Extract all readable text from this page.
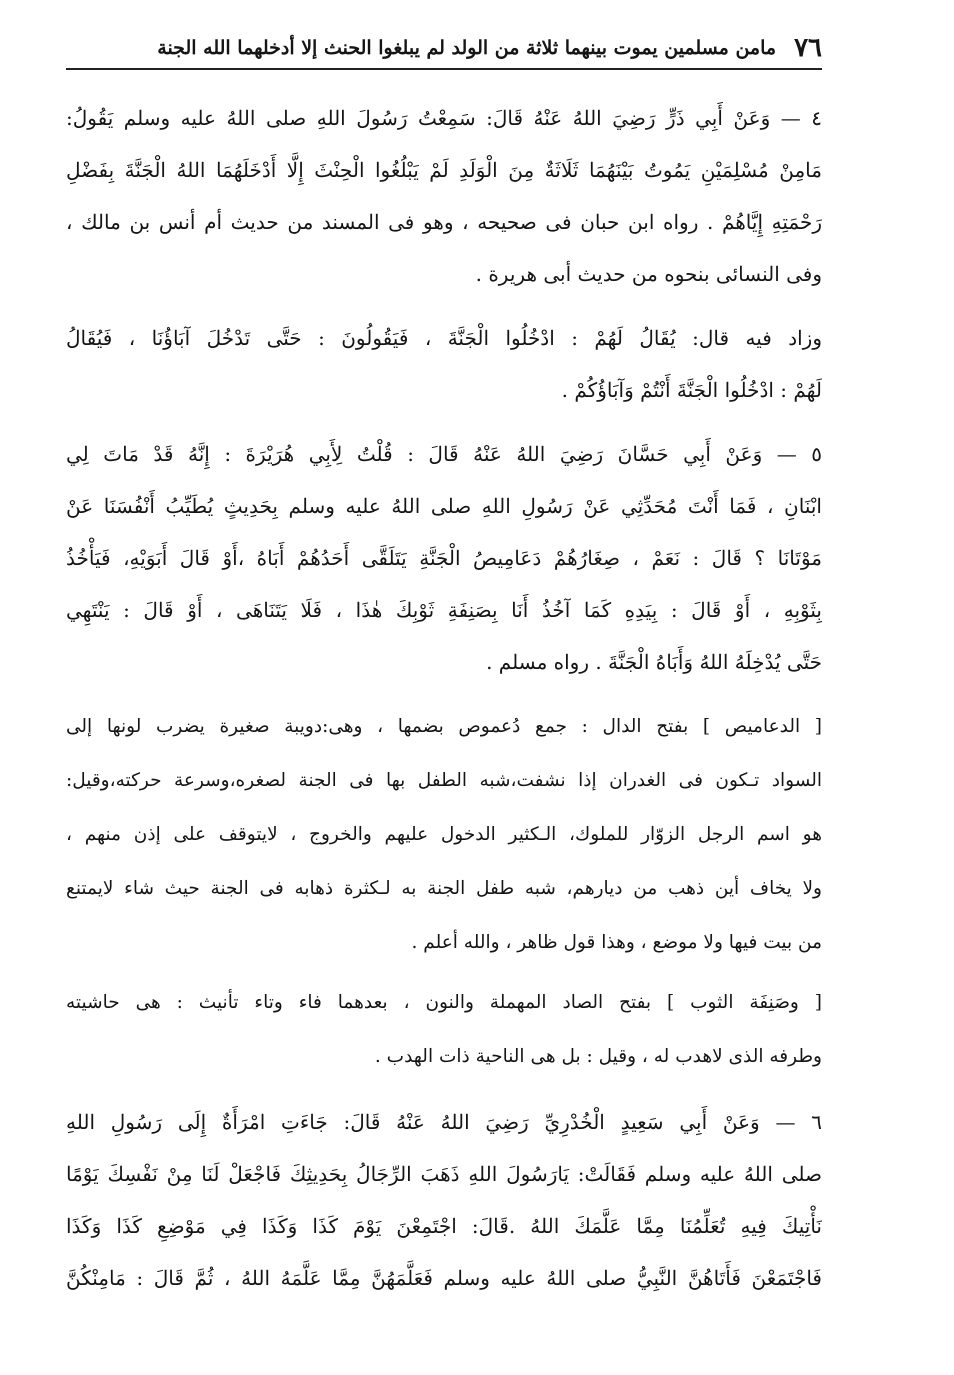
٧٦
مامن مسلمين يموت بينهما ثلاثة من الولد لم يبلغوا الحنث إلا أدخلهما الله الجنة
٤ — وَعَنْ أَبِي ذَرٍّ رَضِيَ اللهُ عَنْهُ قَالَ: سَمِعْتُ رَسُولَ اللهِ صلى اللهُ عليه وسلم يَقُولُ:
مَامِنْ مُسْلِمَيْنِ يَمُوتُ بَيْنَهُمَا ثَلَاثَةٌ مِنَ الْوَلَدِ لَمْ يَبْلُغُوا الْحِنْثَ إِلَّا أَدْخَلَهُمَا اللهُ الْجَنَّةَ بِفَضْلِ
رَحْمَتِهِ إِيَّاهُمْ . رواه ابن حبان فى صحيحه ، وهو فى المسند من حديث أم أنس بن مالك ،
وفى النسائى بنحوه من حديث أبى هريرة .
وزاد فيه قال: يُقَالُ لَهُمْ : ادْخُلُوا الْجَنَّةَ ، فَيَقُولُونَ : حَتَّى تَدْخُلَ آبَاؤُنَا ، فَيُقَالُ
لَهُمْ : ادْخُلُوا الْجَنَّةَ أَنْتُمْ وَآبَاؤُكُمْ .
٥ — وَعَنْ أَبِي حَسَّانَ رَضِيَ اللهُ عَنْهُ قَالَ : قُلْتُ لِأَبِي هُرَيْرَةَ : إِنَّهُ قَدْ مَاتَ لِي
ابْنَانِ ، فَمَا أَنْتَ مُحَدِّثِي عَنْ رَسُولِ اللهِ صلى اللهُ عليه وسلم بِحَدِيثٍ يُطَيِّبُ أَنْفُسَنَا عَنْ
مَوْتَانَا ؟ قَالَ : نَعَمْ ، صِغَارُهُمْ دَعَامِيصُ الْجَنَّةِ يَتَلَقَّى أَحَدُهُمْ أَبَاهُ ،أَوْ قَالَ أَبَوَيْهِ، فَيَأْخُذُ
بِثَوْبِهِ ، أَوْ قَالَ : بِيَدِهِ كَمَا آخُذُ أَنَا بِصَنِفَةِ ثَوْبِكَ هٰذَا ، فَلَا يَتَنَاهَى ، أَوْ قَالَ : يَنْتَهِي
حَتَّى يُدْخِلَهُ اللهُ وَأَبَاهُ الْجَنَّةَ . رواه مسلم .
[ الدعاميص ] بفتح الدال : جمع دُعموص بضمها ، وهى:دويبة صغيرة يضرب لونها إلى
السواد تـكون فى الغدران إذا نشفت،شبه الطفل بها فى الجنة لصغره،وسرعة حركته،وقيل:
هو اسم الرجل الزوّار للملوك، الـكثير الدخول عليهم والخروج ، لايتوقف على إذن منهم ،
ولا يخاف أين ذهب من ديارهم، شبه طفل الجنة به لـكثرة ذهابه فى الجنة حيث شاء لايمتنع
من بيت فيها ولا موضع ، وهذا قول ظاهر ، والله أعلم .
[ وصَنِفَة الثوب ] بفتح الصاد المهملة والنون ، بعدهما فاء وتاء تأنيث : هى حاشيته
وطرفه الذى لاهدب له ، وقيل : بل هى الناحية ذات الهدب .
٦ — وَعَنْ أَبِي سَعِيدٍ الْخُدْرِيِّ رَضِيَ اللهُ عَنْهُ قَالَ: جَاءَتِ امْرَأَةٌ إِلَى رَسُولِ اللهِ
صلى اللهُ عليه وسلم فَقَالَتْ: يَارَسُولَ اللهِ ذَهَبَ الرِّجَالُ بِحَدِيثِكَ فَاجْعَلْ لَنَا مِنْ نَفْسِكَ يَوْمًا
نَأْتِيكَ فِيهِ تُعَلِّمُنَا مِمَّا عَلَّمَكَ اللهُ .قَالَ: اجْتَمِعْنَ يَوْمَ كَذَا وَكَذَا فِي مَوْضِعِ كَذَا وَكَذَا
فَاجْتَمَعْنَ فَأَتَاهُنَّ النَّبِيُّ صلى اللهُ عليه وسلم فَعَلَّمَهُنَّ مِمَّا عَلَّمَهُ اللهُ ، ثُمَّ قَالَ : مَامِنْكُنَّ
